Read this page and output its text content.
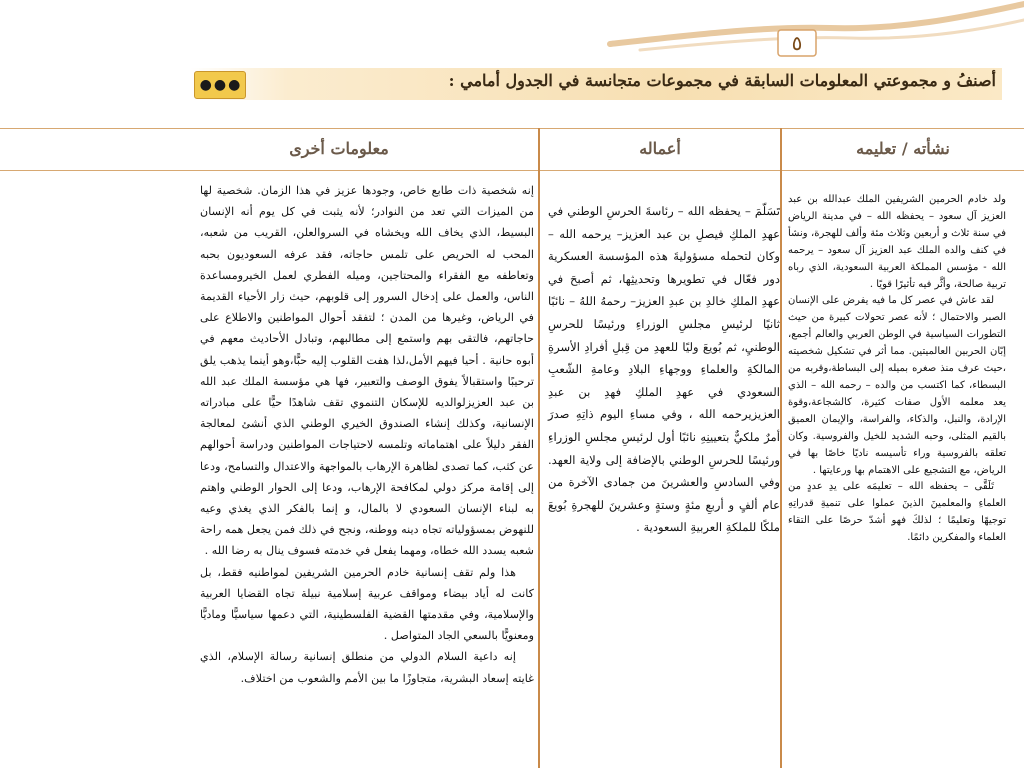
٥
● ● ●	أصنفُ و مجموعتي المعلومات السابقة في مجموعات متجانسة في الجدول أمامي :
نشأته / تعليمه
أعماله
معلومات أخرى

ولد خادم الحرمين الشريفين الملك عبدالله بن عبد العزيز آل سعود – يحفظه الله – في مدينة الرياض في سنة ثلاث و أربعين وثلاث مئة وألف للهجرة، ونشأ في كنف والده الملك عبد العزيز آل سعود – يرحمه الله - مؤسس المملكة العربية السعودية، الذي رباه تربية صالحة، وأثَّر فيه تأثيرًا قويًا .

لقد عاش في عصر كل ما فيه يفرض على الإنسان الصبر والاحتمال ؛ لأنه عصر تحولات كبيرة من حيث التطورات السياسية في الوطن العربي والعالم أجمع، إبّان الحربين العالميتين. مما أثر في تشكيل شخصيته ،حيث عرف منذ صغره بميله إلى البساطة،وقربه من البسطاء، كما اكتسب من والده – رحمه الله – الذي يعد معلمه الأول صفات كثيرة، كالشجاعة،وقوة الإرادة، والنبل، والذكاء، والفراسة، والإيمان العميق بالقيم المثلى، وحبه الشديد للخيل والفروسية. وكان تعلقه بالفروسية وراء تأسيسه ناديًا خاصًا بها في الرياض، مع التشجيع على الاهتمام بها ورعايتها .

تَلَقَّى – يحفظه الله – تعليمَه على يدِ عددٍ من العلماءِ والمعلمينَ الذينَ عملوا على تنميةِ قدراتِهِ توجيهًا وتعليمًا ؛ لذلكَ فهو أشدّ حرصًا على التقاء العلماء والمفكرين دائمًا.

تَسَلّمَ – يحفظه الله – رئاسةَ الحرسِ الوطني في عهدِ الملكِ فيصلِ بن عبد العزيز– يرحمه الله – وكان لتحمله مسؤوليةَ هذه المؤسسة العسكرية دور فعّال في تطويرها وتحديثِها، ثم أصبحَ في عهدِ الملكِ خالدِ بن عبدِ العزيز– رحمهُ اللهُ – نائبًا ثانيًا لرئيسِ مجلسِ الوزراءِ ورئيسًا للحرسِ الوطنيِ، ثم بُويعَ وليًا للعهدِ من قِبلِ أفرادِ الأسرةِ المالكةِ والعلماءِ ووجهاءِ البلادِ وعامةِ الشّعبِ السعودي في عهدِ الملكِ فهدِ بن عبدِ العزيزيرحمه الله ، وفي مساءِ اليوم ذاتِهِ صدرَ أمرٌ ملكيٌّ بتعيينِهِ نائبًا أول لرئيسِ مجلسِ الوزراءِ ورئيسًا للحرسِ الوطني بالإضافة إلى ولاية العهد. وفي السادسِ والعشرينَ من جمادى الآخرة من عام ألفٍ و أربعِ مئةٍ وستةٍ وعشرينَ للهجرةِ بُويعَ ملكًا للملكةِ العربيةِ السعودية .

إنه شخصية ذات طابع خاص، وجودها عزيز في هذا الزمان. شخصية لها من الميزات التي تعد من النوادر؛ لأنه يثبت في كل يوم أنه الإنسان البسيط، الذي يخاف الله ويخشاه في السروالعلن، القريب من شعبه، المحب له الحريص على تلمس حاجاته، فقد عرفه السعوديون بحبه وتعاطفه مع الفقراء والمحتاجين، وميله الفطري لعمل الخيرومساعدة الناس، والعمل على إدخال السرور إلى قلوبهم، حيث زار الأحياء القديمة في الرياض، وغيرها من المدن ؛ لتفقد أحوال المواطنين والاطلاع على حاجاتهم، فالتقى بهم واستمع إلى مطالبهم، وتبادل الأحاديث معهم في أبوه حانية . أحيا فيهم الأمل،لذا هفت القلوب إليه حبًّا،وهو أينما يذهب يلق ترحيبًا واستقبالاً يفوق الوصف والتعبير، فها هي مؤسسة الملك عبد الله بن عبد العزيزلوالديه للإسكان التنموي تقف شاهدًا حيًّا على مبادراته الإنسانية، وكذلك إنشاء الصندوق الخيري الوطني الذي أنشئ لمعالجة الفقر دليلاً على اهتماماته وتلمسه لاحتياجات المواطنين ودراسة أحوالهم عن كثب، كما تصدى لظاهرة الإرهاب بالمواجهة والاعتدال والتسامح، ودعا إلى إقامة مركز دولي لمكافحة الإرهاب، ودعا إلى الحوار الوطني واهتم به لبناء الإنسان السعودي لا بالمال، و إنما بالفكر الذي يغذي وعيه للنهوض بمسؤولياته تجاه دينه ووطنه، ونجح في ذلك فمن يجعل همه راحة شعبه يسدد الله خطاه، ومهما يفعل في خدمته فسوف ينال به رضا الله .

هذا ولم تقف إنسانية خادم الحرمين الشريفين لمواطنيه فقط، بل كانت له أياد بيضاء ومواقف عربية إسلامية نبيلة تجاه القضايا العربية والإسلامية، وفي مقدمتها القضية الفلسطينية، التي دعمها سياسيًّا وماديًّا ومعنويًّا بالسعي الجاد المتواصل .

إنه داعية السلام الدولي من منطلق إنسانية رسالة الإسلام، الذي غايته إسعاد البشرية، متجاوزًا ما بين الأمم والشعوب من اختلاف.
